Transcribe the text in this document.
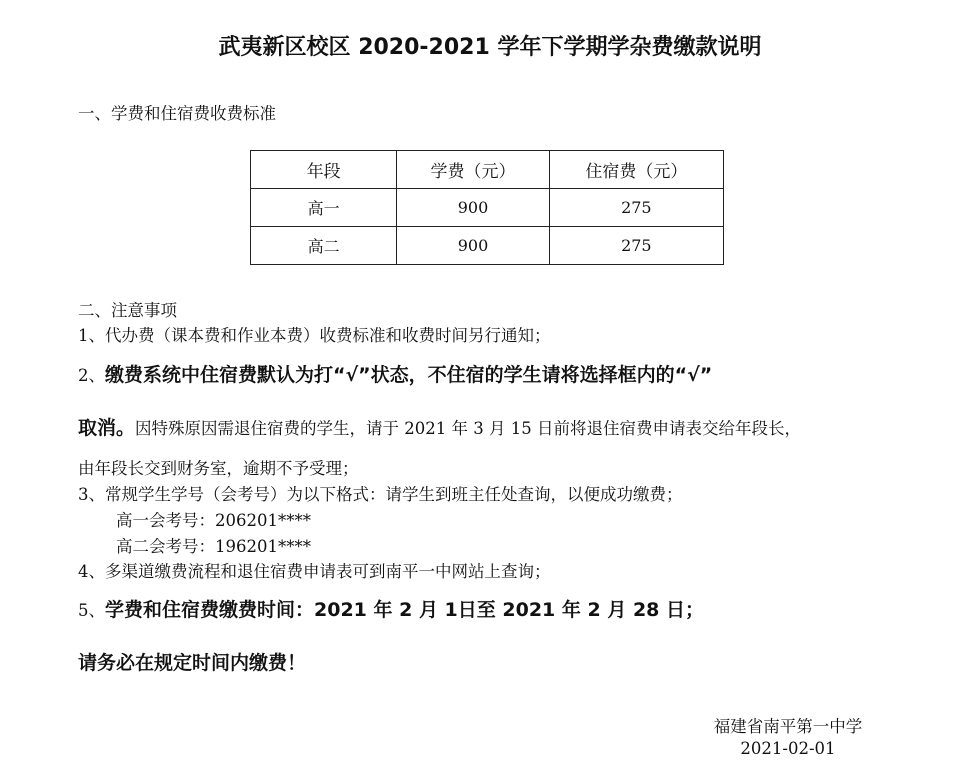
武夷新区校区 2020-2021 学年下学期学杂费缴款说明
一、学费和住宿费收费标准
年段	学费（元）	住宿费（元）
高一	900	275
高二	900	275
二、注意事项
1、代办费（课本费和作业本费）收费标准和收费时间另行通知；
2、缴费系统中住宿费默认为打“√”状态，不住宿的学生请将选择框内的“√”
取消。因特殊原因需退住宿费的学生，请于 2021 年 3 月 15 日前将退住宿费申请表交给年段长，
由年段长交到财务室，逾期不予受理；
3、常规学生学号（会考号）为以下格式：请学生到班主任处查询，以便成功缴费；
高一会考号：206201****
高二会考号：196201****
4、多渠道缴费流程和退住宿费申请表可到南平一中网站上查询；
5、学费和住宿费缴费时间：2021 年 2 月 1日至 2021 年 2 月 28 日；
请务必在规定时间内缴费！
福建省南平第一中学
2021-02-01
